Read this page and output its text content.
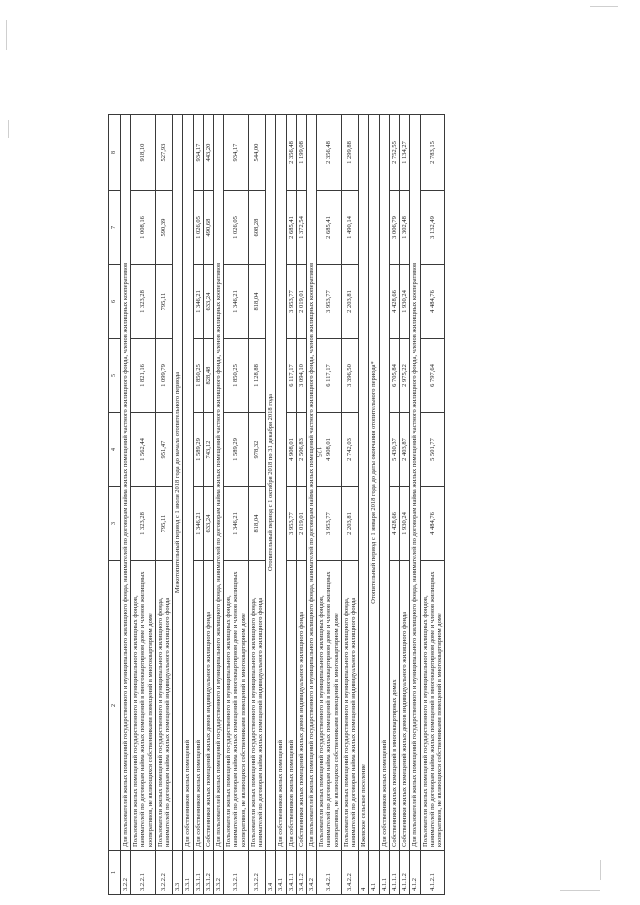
125
1	2	3	4	5	6	7	8
3.2.2	Для пользователей жилых помещений государственного и муниципального жилищного фонда, нанимателей по договорам найма жилых помещений частного жилищного фонда, членов жилищных кооперативов						
3.2.2.1	Пользователи жилых помещений государственного и муниципального жилищных фондов, нанимателей по договорам найма жилых помещений в многоквартирном доме и членов жилищных кооперативов, не являющихся собственниками помещений в многоквартирном доме	1 323,28	1 562,44	1 821,16	1 323,28	1 008,16	918,10
3.2.2.2	Пользователи жилых помещений государственного и муниципального жилищного фонда, нанимателей по договорам найма жилых помещений индивидуального жилищного фонда	795,11	951,47	1 099,79	795,11	590,39	527,93
3.3	Межотопительный период с 1 июля 2018 года до начала отопительного периода						
3.3.1	Для собственников жилых помещений						
3.3.1.1	Для собственников жилых помещений	1 346,21	1 589,29	1 850,25	1 346,21	1 026,05	934,17
3.3.1.2	Собственники жилых помещений жилых домов индивидуального жилищного фонда	633,24	743,12	828,48	633,24	490,68	443,20
3.3.2	Для пользователей жилых помещений государственного и муниципального жилищного фонда, нанимателей по договорам найма жилых помещений частного жилищного фонда, членов жилищных кооперативов						
3.3.2.1	Пользователи жилых помещений государственного и муниципального жилищных фондов, нанимателей по договорам найма жилых помещений в многоквартирном доме и членов жилищных кооперативов, не являющихся собственниками помещений в многоквартирном доме	1 346,21	1 589,29	1 850,25	1 346,21	1 026,05	934,17
3.3.2.2	Пользователи жилых помещений государственного и муниципального жилищного фонда, нанимателей по договорам найма жилых помещений индивидуального жилищного фонда	818,04	978,32	1 128,88	818,04	608,28	544,00
3.4	Отопительный период с 1 октября 2018 по 31 декабря 2018 года						
3.4.1	Для собственников жилых помещений						
3.4.1.1	Для собственников жилых помещений	3 953,77	4 908,01	6 117,17	3 953,77	2 685,41	2 356,48
3.4.1.2	Собственники жилых помещений жилых домов индивидуального жилищного фонда	2 019,01	2 506,83	3 094,10	2 019,01	1 372,54	1 199,08
3.4.2	Для пользователей жилых помещений государственного и муниципального жилищного фонда, нанимателей по договорам найма жилых помещений частного жилищного фонда, членов жилищных кооперативов						
3.4.2.1	Пользователи жилых помещений государственного и муниципального жилищных фондов, нанимателей по договорам найма жилых помещений в многоквартирном доме и членов жилищных кооперативов, не являющихся собственниками помещений в многоквартирном доме	3 953,77	4 908,01	6 117,17	3 953,77	2 685,41	2 356,48
3.4.2.2	Пользователи жилых помещений государственного и муниципального жилищного фонда, нанимателей по договорам найма жилых помещений индивидуального жилищного фонда	2 203,81	2 742,03	3 396,50	2 203,81	1 490,14	1 299,88
4	Ижевское сельское поселение						
4.1	Отопительный период с 1 января 2018 года до даты окончания отопительного периода*						
4.1.1	Для собственников жилых помещений						
4.1.1.1	Собственники жилых помещений в многоквартирных домах	4 428,66	5 430,37	6 705,84	4 428,66	3 006,79	2 752,55
4.1.1.2	Собственники жилых помещений жилых домов индивидуального жилищного фонда	1 930,24	2 403,87	2 975,22	1 930,24	1 302,48	1 134,27
4.1.2	Для пользователей жилых помещений государственного и муниципального жилищного фонда, нанимателей по договорам найма жилых помещений частного жилищного фонда, членов жилищных кооперативов						
4.1.2.1	Пользователи жилых помещений государственного и муниципального жилищных фондов, нанимателей по договорам найма жилых помещений в многоквартирном доме и членов жилищных кооперативов, не являющихся собственниками помещений в многоквартирном доме	4 484,76	5 501,77	6 797,64	4 484,76	3 132,49	2 783,15
